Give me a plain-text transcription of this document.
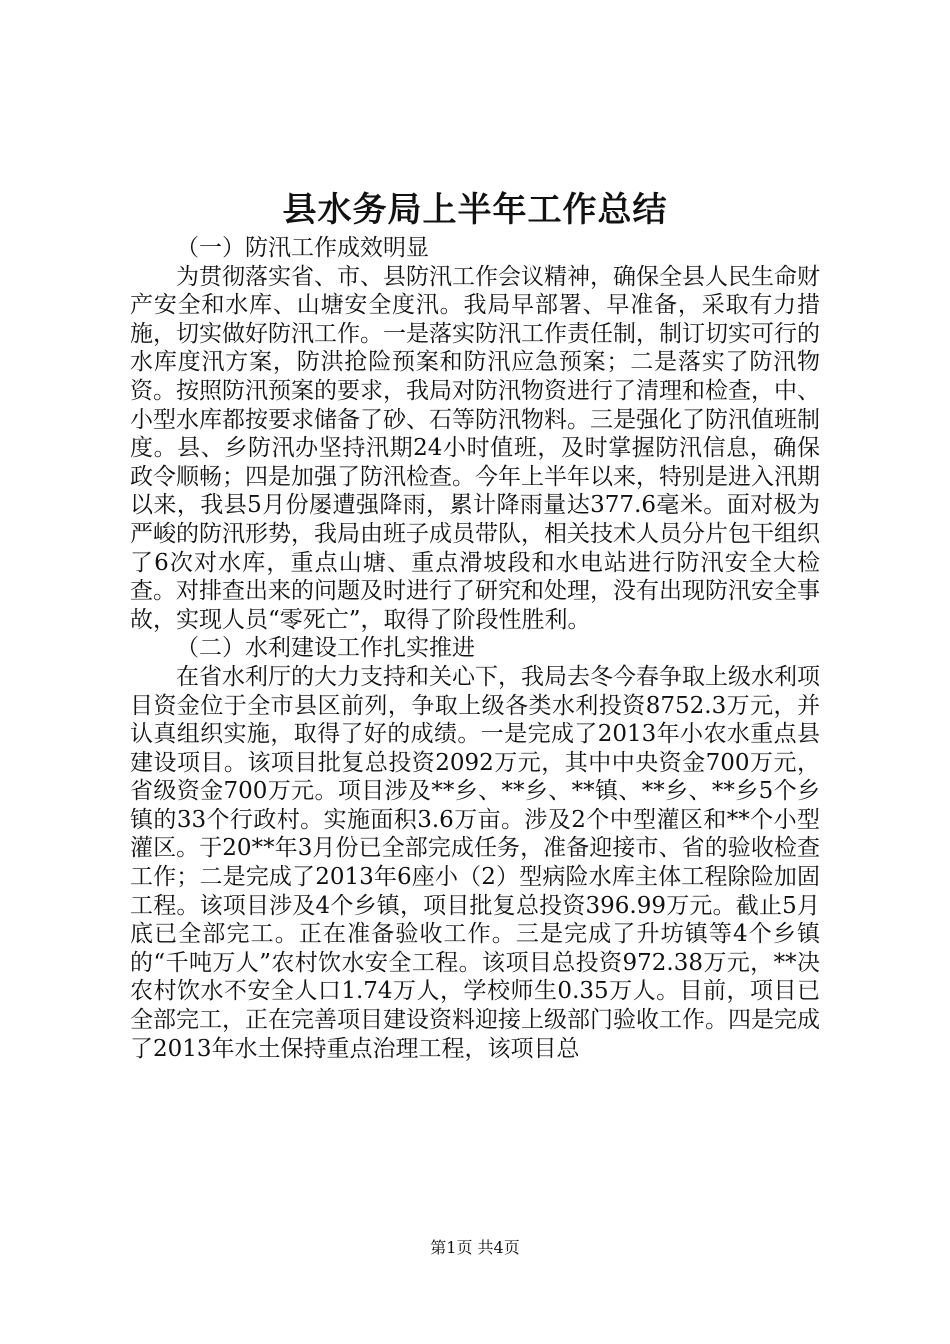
县水务局上半年工作总结

（一）防汛工作成效明显

为贯彻落实省、市、县防汛工作会议精神，确保全县人民生命财产安全和水库、山塘安全度汛。我局早部署、早准备，采取有力措施，切实做好防汛工作。一是落实防汛工作责任制，制订切实可行的水库度汛方案，防洪抢险预案和防汛应急预案；二是落实了防汛物资。按照防汛预案的要求，我局对防汛物资进行了清理和检查，中、小型水库都按要求储备了砂、石等防汛物料。三是强化了防汛值班制度。县、乡防汛办坚持汛期24小时值班，及时掌握防汛信息，确保政令顺畅；四是加强了防汛检查。今年上半年以来，特别是进入汛期以来，我县5月份屡遭强降雨，累计降雨量达377.6毫米。面对极为严峻的防汛形势，我局由班子成员带队，相关技术人员分片包干组织了6次对水库，重点山塘、重点滑坡段和水电站进行防汛安全大检查。对排查出来的问题及时进行了研究和处理，没有出现防汛安全事故，实现人员“零死亡”，取得了阶段性胜利。

（二）水利建设工作扎实推进

在省水利厅的大力支持和关心下，我局去冬今春争取上级水利项目资金位于全市县区前列，争取上级各类水利投资8752.3万元，并认真组织实施，取得了好的成绩。一是完成了2013年小农水重点县建设项目。该项目批复总投资2092万元，其中中央资金700万元，省级资金700万元。项目涉及**乡、**乡、**镇、**乡、**乡5个乡镇的33个行政村。实施面积3.6万亩。涉及2个中型灌区和**个小型灌区。于20**年3月份已全部完成任务，准备迎接市、省的验收检查工作；二是完成了2013年6座小（2）型病险水库主体工程除险加固工程。该项目涉及4个乡镇，项目批复总投资396.99万元。截止5月底已全部完工。正在准备验收工作。三是完成了升坊镇等4个乡镇的“千吨万人”农村饮水安全工程。该项目总投资972.38万元，**决农村饮水不安全人口1.74万人，学校师生0.35万人。目前，项目已全部完工，正在完善项目建设资料迎接上级部门验收工作。四是完成了2013年水土保持重点治理工程，该项目总

第1页 共4页
